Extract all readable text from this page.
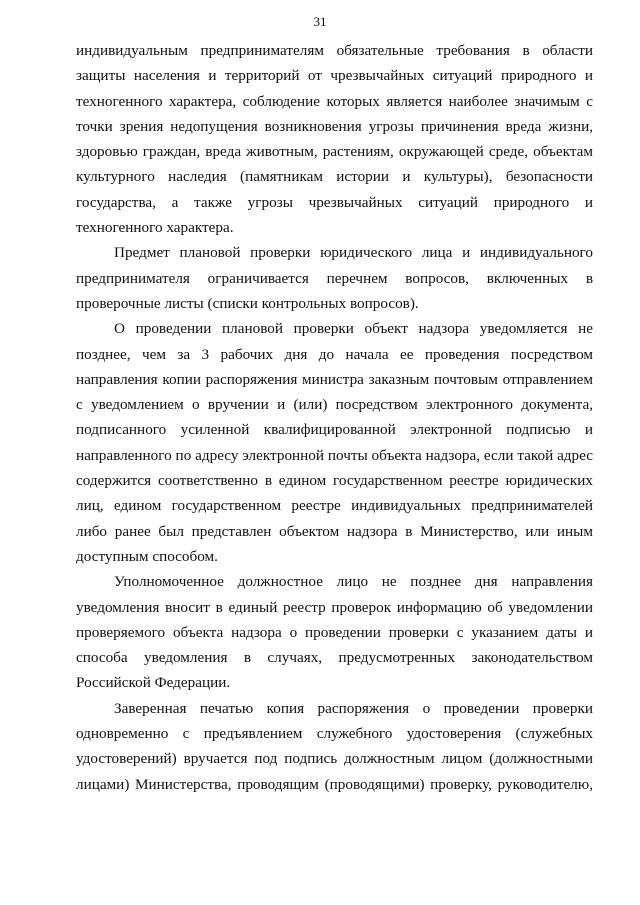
31

индивидуальным предпринимателям обязательные требования в области защиты населения и территорий от чрезвычайных ситуаций природного и техногенного характера, соблюдение которых является наиболее значимым с точки зрения недопущения возникновения угрозы причинения вреда жизни, здоровью граждан, вреда животным, растениям, окружающей среде, объектам культурного наследия (памятникам истории и культуры), безопасности государства, а также угрозы чрезвычайных ситуаций природного и техногенного характера.

Предмет плановой проверки юридического лица и индивидуального предпринимателя ограничивается перечнем вопросов, включенных в проверочные листы (списки контрольных вопросов).

О проведении плановой проверки объект надзора уведомляется не позднее, чем за 3 рабочих дня до начала ее проведения посредством направления копии распоряжения министра заказным почтовым отправлением с уведомлением о вручении и (или) посредством электронного документа, подписанного усиленной квалифицированной электронной подписью и направленного по адресу электронной почты объекта надзора, если такой адрес содержится соответственно в едином государственном реестре юридических лиц, едином государственном реестре индивидуальных предпринимателей либо ранее был представлен объектом надзора в Министерство, или иным доступным способом.

Уполномоченное должностное лицо не позднее дня направления уведомления вносит в единый реестр проверок информацию об уведомлении проверяемого объекта надзора о проведении проверки с указанием даты и способа уведомления в случаях, предусмотренных законодательством Российской Федерации.

Заверенная печатью копия распоряжения о проведении проверки одновременно с предъявлением служебного удостоверения (служебных удостоверений) вручается под подпись должностным лицом (должностными лицами) Министерства, проводящим (проводящими) проверку, руководителю,
